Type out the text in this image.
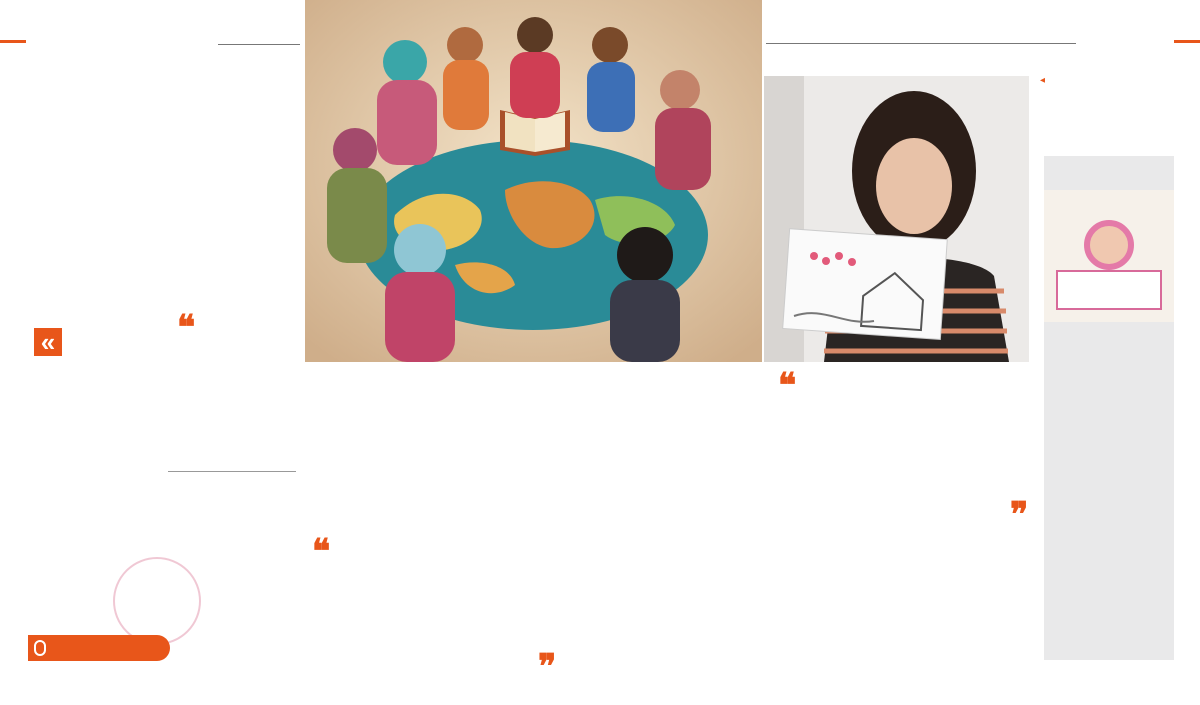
◀

«	❝
❝
❞
❝
❞
